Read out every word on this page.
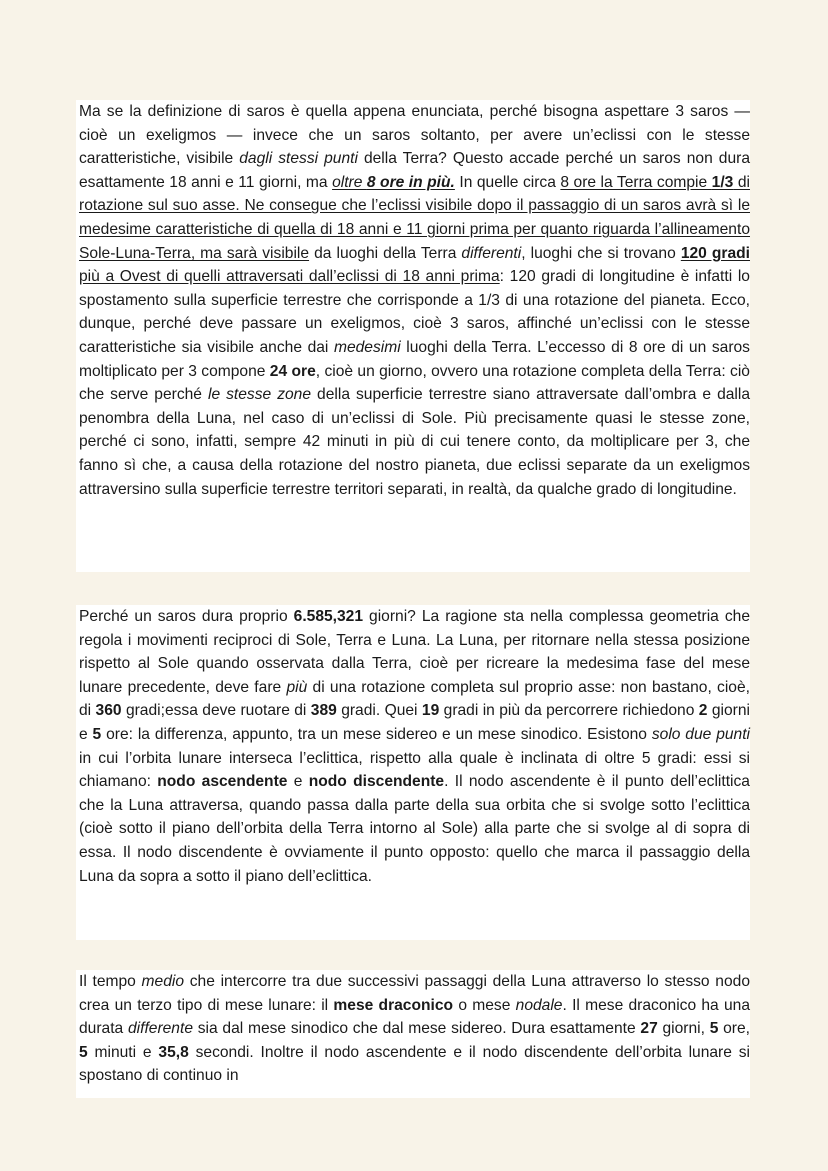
Ma se la definizione di saros è quella appena enunciata, perché bisogna aspettare 3 saros — cioè un exeligmos — invece che un saros soltanto, per avere un’eclissi con le stesse caratteristiche, visibile dagli stessi punti della Terra? Questo accade perché un saros non dura esattamente 18 anni e 11 giorni, ma oltre 8 ore in più. In quelle circa 8 ore la Terra compie 1/3 di rotazione sul suo asse. Ne consegue che l’eclissi visibile dopo il passaggio di un saros avrà sì le medesime caratteristiche di quella di 18 anni e 11 giorni prima per quanto riguarda l’allineamento Sole-Luna-Terra, ma sarà visibile da luoghi della Terra differenti, luoghi che si trovano 120 gradi più a Ovest di quelli attraversati dall’eclissi di 18 anni prima: 120 gradi di longitudine è infatti lo spostamento sulla superficie terrestre che corrisponde a 1/3 di una rotazione del pianeta. Ecco, dunque, perché deve passare un exeligmos, cioè 3 saros, affinché un’eclissi con le stesse caratteristiche sia visibile anche dai medesimi luoghi della Terra. L’eccesso di 8 ore di un saros moltiplicato per 3 compone 24 ore, cioè un giorno, ovvero una rotazione completa della Terra: ciò che serve perché le stesse zone della superficie terrestre siano attraversate dall’ombra e dalla penombra della Luna, nel caso di un’eclissi di Sole. Più precisamente quasi le stesse zone, perché ci sono, infatti, sempre 42 minuti in più di cui tenere conto, da moltiplicare per 3, che fanno sì che, a causa della rotazione del nostro pianeta, due eclissi separate da un exeligmos attraversino sulla superficie terrestre territori separati, in realtà, da qualche grado di longitudine.

Perché un saros dura proprio 6.585,321 giorni? La ragione sta nella complessa geometria che regola i movimenti reciproci di Sole, Terra e Luna. La Luna, per ritornare nella stessa posizione rispetto al Sole quando osservata dalla Terra, cioè per ricreare la medesima fase del mese lunare precedente, deve fare più di una rotazione completa sul proprio asse: non bastano, cioè, di 360 gradi;essa deve ruotare di 389 gradi. Quei 19 gradi in più da percorrere richiedono 2 giorni e 5 ore: la differenza, appunto, tra un mese sidereo e un mese sinodico. Esistono solo due punti in cui l’orbita lunare interseca l’eclittica, rispetto alla quale è inclinata di oltre 5 gradi: essi si chiamano: nodo ascendente e nodo discendente. Il nodo ascendente è il punto dell’eclittica che la Luna attraversa, quando passa dalla parte della sua orbita che si svolge sotto l’eclittica (cioè sotto il piano dell’orbita della Terra intorno al Sole) alla parte che si svolge al di sopra di essa. Il nodo discendente è ovviamente il punto opposto: quello che marca il passaggio della Luna da sopra a sotto il piano dell’eclittica.

Il tempo medio che intercorre tra due successivi passaggi della Luna attraverso lo stesso nodo crea un terzo tipo di mese lunare: il mese draconico o mese nodale. Il mese draconico ha una durata differente sia dal mese sinodico che dal mese sidereo. Dura esattamente 27 giorni, 5 ore, 5 minuti e 35,8 secondi. Inoltre il nodo ascendente e il nodo discendente dell’orbita lunare si spostano di continuo in
